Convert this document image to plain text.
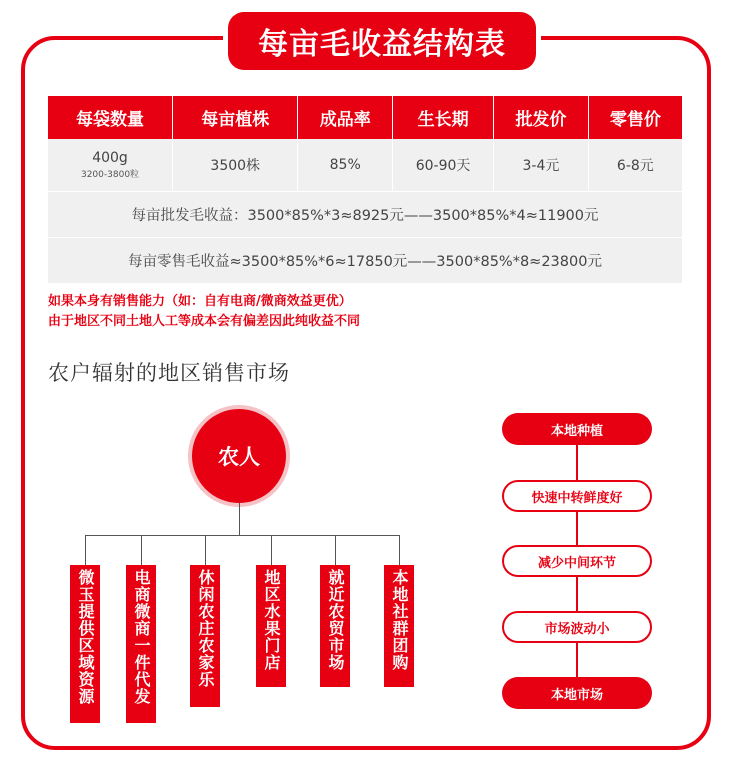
每亩毛收益结构表
每袋数量	每亩植株	成品率	生长期	批发价	零售价
400g
3200-3800粒	3500株	85%	60-90天	3-4元	6-8元
每亩批发毛收益：3500*85%*3≈8925元——3500*85%*4≈11900元					
每亩零售毛收益≈3500*85%*6≈17850元——3500*85%*8≈23800元					
如果本身有销售能力（如：自有电商/微商效益更优）
由于地区不同土地人工等成本会有偏差因此纯收益不同
农户辐射的地区销售市场
农人
微玉提供区域资源	电商微商一件代发	休闲农庄农家乐	地区水果门店	就近农贸市场	本地社群团购
本地种植
快速中转鲜度好
减少中间环节
市场波动小
本地市场
